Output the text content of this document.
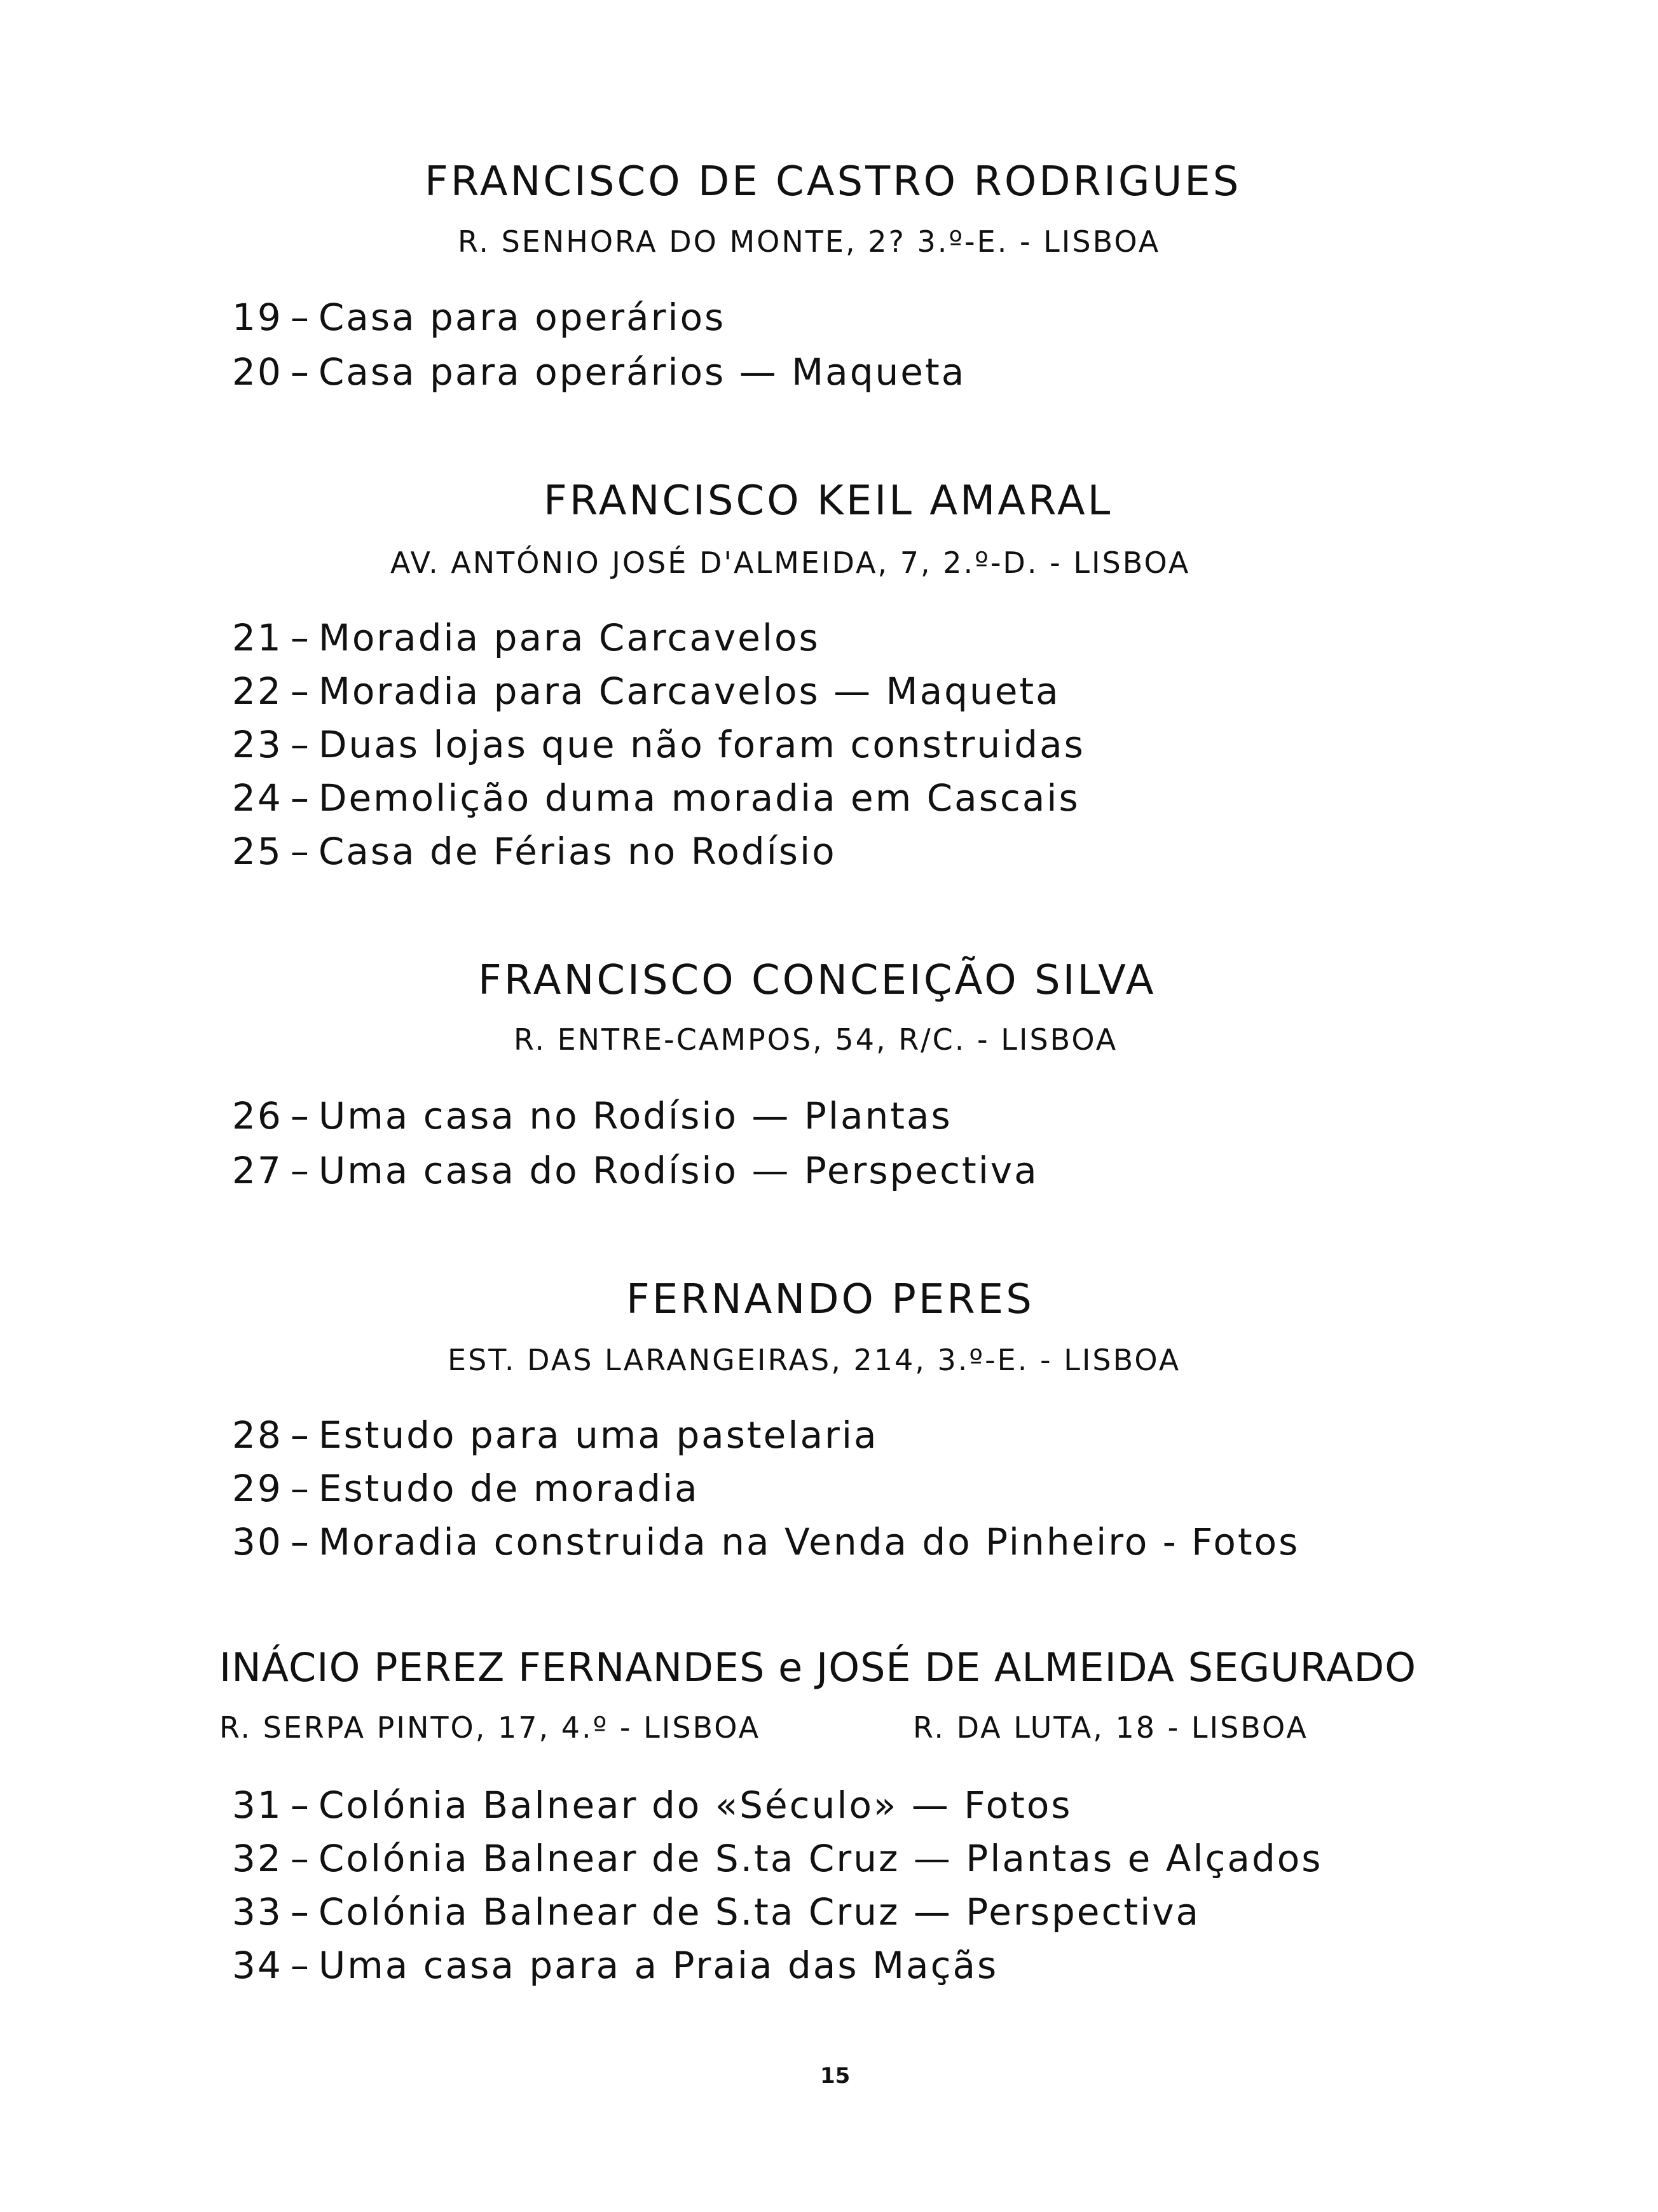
FRANCISCO DE CASTRO RODRIGUES
R. SENHORA DO MONTE, 2? 3.º-E. - LISBOA
19 – Casa para operários
20 – Casa para operários — Maqueta
FRANCISCO KEIL AMARAL
AV. ANTÓNIO JOSÉ D'ALMEIDA, 7, 2.º-D. - LISBOA
21 – Moradia para Carcavelos
22 – Moradia para Carcavelos — Maqueta
23 – Duas lojas que não foram construidas
24 – Demolição duma moradia em Cascais
25 – Casa de Férias no Rodísio
FRANCISCO CONCEIÇÃO SILVA
R. ENTRE-CAMPOS, 54, R/C. - LISBOA
26 – Uma casa no Rodísio — Plantas
27 – Uma casa do Rodísio — Perspectiva
FERNANDO PERES
EST. DAS LARANGEIRAS, 214, 3.º-E. - LISBOA
28 – Estudo para uma pastelaria
29 – Estudo de moradia
30 – Moradia construida na Venda do Pinheiro - Fotos
INÁCIO PEREZ FERNANDES e JOSÉ DE ALMEIDA SEGURADO
R. SERPA PINTO, 17, 4.º - LISBOA	R. DA LUTA, 18 - LISBOA
31 – Colónia Balnear do «Século» — Fotos
32 – Colónia Balnear de S.ta Cruz — Plantas e Alçados
33 – Colónia Balnear de S.ta Cruz — Perspectiva
34 – Uma casa para a Praia das Maçãs
15
